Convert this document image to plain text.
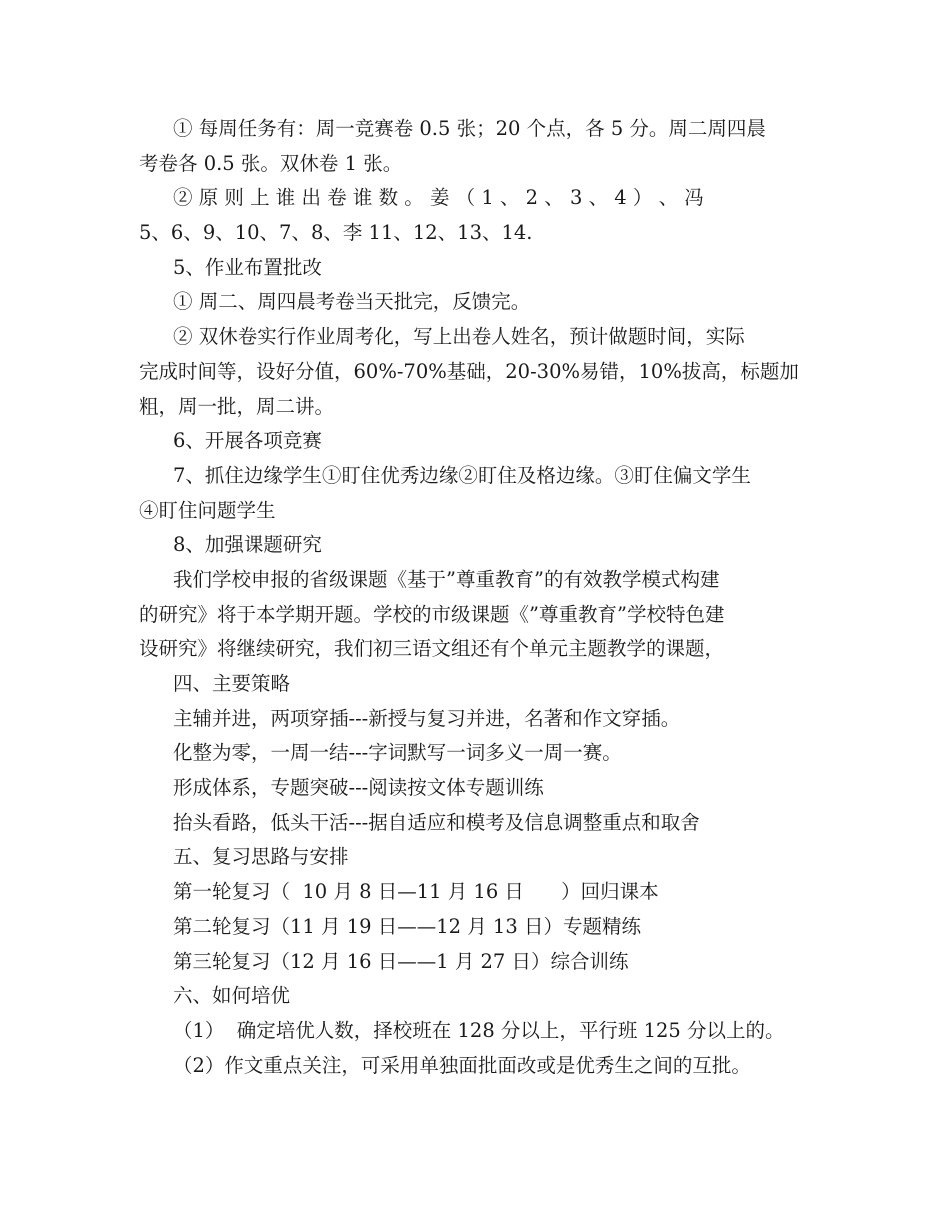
① 每周任务有：周一竞赛卷 0.5 张；20 个点，各 5 分。周二周四晨
考卷各 0.5 张。双休卷 1 张。
② 原 则 上 谁 出 卷 谁 数 。 姜 （ 1 、 2 、 3 、 4 ） 、 冯
5、6、9、10、7、8、李 11、12、13、14.
5、作业布置批改
① 周二、周四晨考卷当天批完，反馈完。
② 双休卷实行作业周考化，写上出卷人姓名，预计做题时间，实际
完成时间等，设好分值，60%-70%基础，20-30%易错，10%拔高，标题加
粗，周一批，周二讲。
6、开展各项竞赛
7、抓住边缘学生①盯住优秀边缘②盯住及格边缘。③盯住偏文学生
④盯住问题学生
8、加强课题研究
我们学校申报的省级课题《基于”尊重教育”的有效教学模式构建
的研究》将于本学期开题。学校的市级课题《”尊重教育”学校特色建
设研究》将继续研究，我们初三语文组还有个单元主题教学的课题，
四、主要策略
主辅并进，两项穿插---新授与复习并进，名著和作文穿插。
化整为零，一周一结---字词默写一词多义一周一赛。
形成体系，专题突破---阅读按文体专题训练
抬头看路，低头干活---据自适应和模考及信息调整重点和取舍
五、复习思路与安排
第一轮复习（  10 月 8 日—11 月 16 日      ）回归课本
第二轮复习（11 月 19 日——12 月 13 日）专题精练
第三轮复习（12 月 16 日——1 月 27 日）综合训练
六、如何培优
（1）  确定培优人数，择校班在 128 分以上，平行班 125 分以上的。
（2）作文重点关注，可采用单独面批面改或是优秀生之间的互批。
